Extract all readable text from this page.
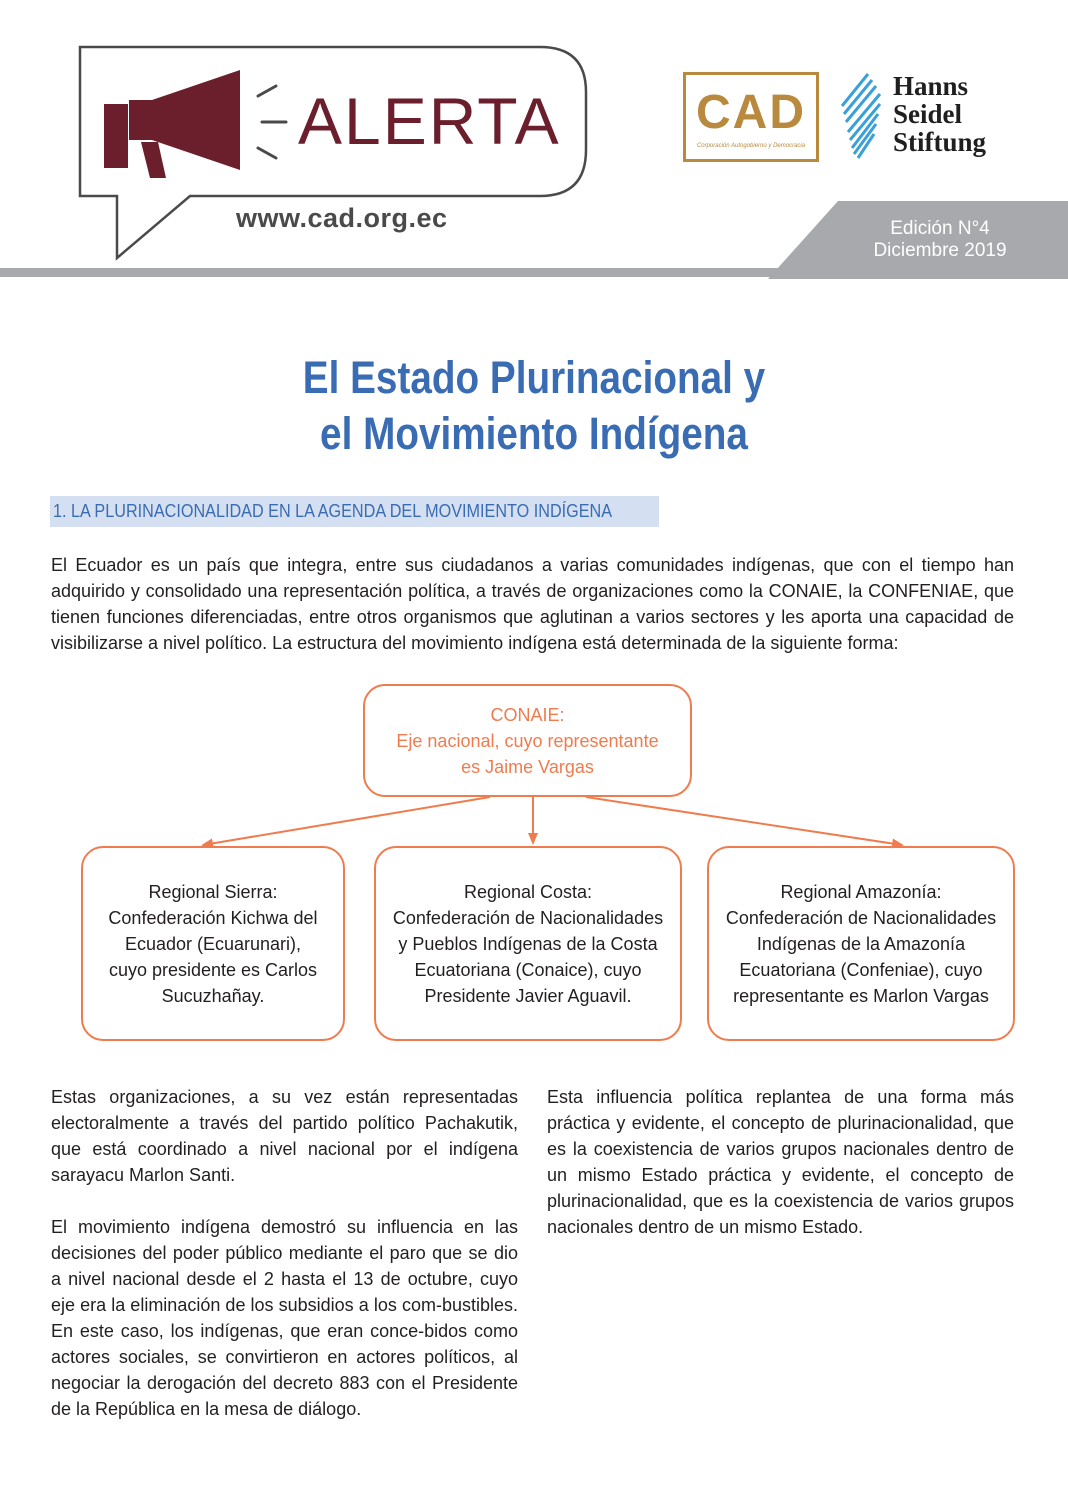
ALERTA
www.cad.org.ec
CAD
Corporación Autogobierno y Democracia
Hanns
Seidel
Stiftung
Edición N°4
Diciembre 2019
El Estado Plurinacional y
el Movimiento Indígena
1. LA PLURINACIONALIDAD EN LA AGENDA DEL MOVIMIENTO INDÍGENA
El Ecuador es un país que integra, entre sus ciudadanos a varias comunidades indígenas, que con el tiempo han adquirido y consolidado una representación política, a través de organizaciones como la CONAIE, la CONFENIAE, que tienen funciones diferenciadas, entre otros organismos que aglutinan a varios sectores y les aporta una capacidad de visibilizarse a nivel político. La estructura del movimiento indígena está determinada de la siguiente forma:
CONAIE:
Eje nacional, cuyo representante
es Jaime Vargas
Regional Sierra:
Confederación Kichwa del
Ecuador (Ecuarunari),
cuyo presidente es Carlos
Sucuzhañay.
Regional Costa:
Confederación de Nacionalidades
y Pueblos Indígenas de la Costa
Ecuatoriana (Conaice), cuyo
Presidente Javier Aguavil.
Regional Amazonía:
Confederación de Nacionalidades
Indígenas de la Amazonía
Ecuatoriana (Confeniae), cuyo
representante es Marlon Vargas
Estas organizaciones, a su vez están representadas electoralmente a través del partido político Pachakutik, que está coordinado a nivel nacional por el indígena sarayacu Marlon Santi.
El movimiento indígena demostró su influencia en las decisiones del poder público mediante el paro que se dio a nivel nacional desde el 2 hasta el 13 de octubre, cuyo eje era la eliminación de los subsidios a los com-bustibles. En este caso, los indígenas, que eran conce-bidos como actores sociales, se convirtieron en actores políticos, al negociar la derogación del decreto 883 con el Presidente de la República en la mesa de diálogo.
Esta influencia política replantea de una forma más práctica y evidente, el concepto de plurinacionalidad, que es la coexistencia de varios grupos nacionales dentro de un mismo Estado práctica y evidente, el concepto de plurinacionalidad, que es la coexistencia de varios grupos nacionales dentro de un mismo Estado.
